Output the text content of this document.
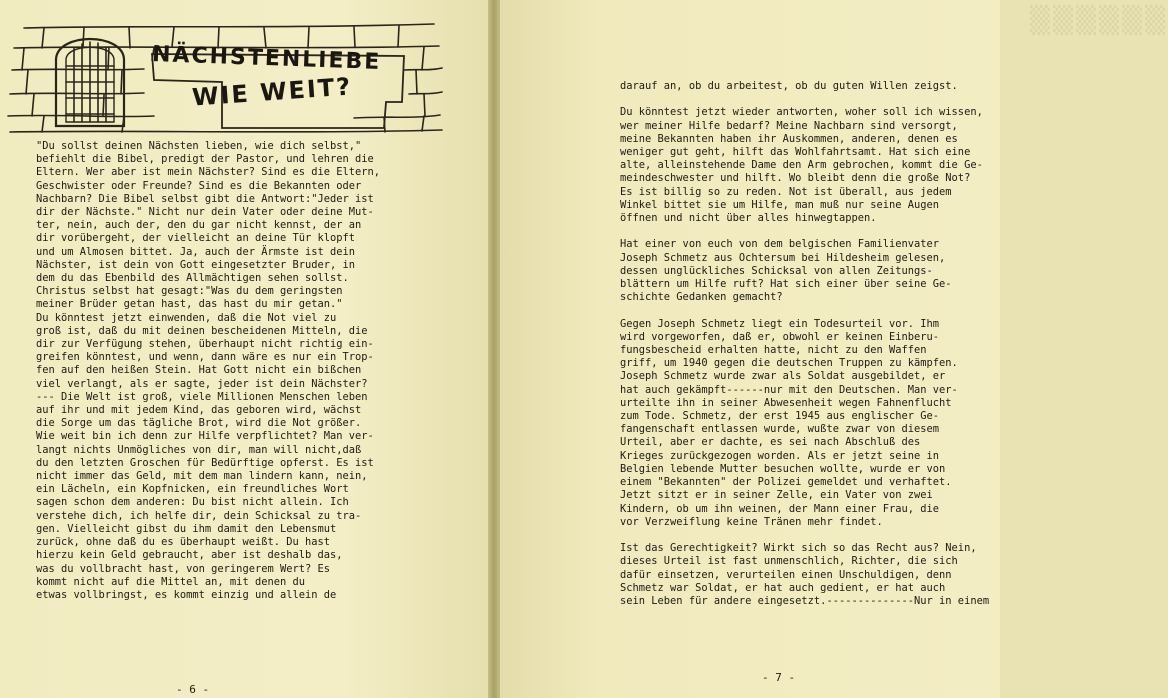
NÄCHSTENLIEBE
WIE WEIT?
"Du sollst deinen Nächsten lieben, wie dich selbst,"
befiehlt die Bibel, predigt der Pastor, und lehren die
Eltern. Wer aber ist mein Nächster? Sind es die Eltern,
Geschwister oder Freunde? Sind es die Bekannten oder
Nachbarn? Die Bibel selbst gibt die Antwort:"Jeder ist
dir der Nächste." Nicht nur dein Vater oder deine Mut-
ter, nein, auch der, den du gar nicht kennst, der an
dir vorübergeht, der vielleicht an deine Tür klopft
und um Almosen bittet. Ja, auch der Ärmste ist dein
Nächster, ist dein von Gott eingesetzter Bruder, in
dem du das Ebenbild des Allmächtigen sehen sollst.
Christus selbst hat gesagt:"Was du dem geringsten
meiner Brüder getan hast, das hast du mir getan."
Du könntest jetzt einwenden, daß die Not viel zu
groß ist, daß du mit deinen bescheidenen Mitteln, die
dir zur Verfügung stehen, überhaupt nicht richtig ein-
greifen könntest, und wenn, dann wäre es nur ein Trop-
fen auf den heißen Stein. Hat Gott nicht ein bißchen
viel verlangt, als er sagte, jeder ist dein Nächster?
--- Die Welt ist groß, viele Millionen Menschen leben
auf ihr und mit jedem Kind, das geboren wird, wächst
die Sorge um das tägliche Brot, wird die Not größer.
Wie weit bin ich denn zur Hilfe verpflichtet? Man ver-
langt nichts Unmögliches von dir, man will nicht,daß
du den letzten Groschen für Bedürftige opferst. Es ist
nicht immer das Geld, mit dem man lindern kann, nein,
ein Lächeln, ein Kopfnicken, ein freundliches Wort
sagen schon dem anderen: Du bist nicht allein. Ich
verstehe dich, ich helfe dir, dein Schicksal zu tra-
gen. Vielleicht gibst du ihm damit den Lebensmut
zurück, ohne daß du es überhaupt weißt. Du hast
hierzu kein Geld gebraucht, aber ist deshalb das,
was du vollbracht hast, von geringerem Wert? Es
kommt nicht auf die Mittel an, mit denen du
etwas vollbringst, es kommt einzig und allein de
- 6 -
▒▒▒▒▒▒
darauf an, ob du arbeitest, ob du guten Willen zeigst.

Du könntest jetzt wieder antworten, woher soll ich wissen,
wer meiner Hilfe bedarf? Meine Nachbarn sind versorgt,
meine Bekannten haben ihr Auskommen, anderen, denen es
weniger gut geht, hilft das Wohlfahrtsamt. Hat sich eine
alte, alleinstehende Dame den Arm gebrochen, kommt die Ge-
meindeschwester und hilft. Wo bleibt denn die große Not?
Es ist billig so zu reden. Not ist überall, aus jedem
Winkel bittet sie um Hilfe, man muß nur seine Augen
öffnen und nicht über alles hinwegtappen.

Hat einer von euch von dem belgischen Familienvater
Joseph Schmetz aus Ochtersum bei Hildesheim gelesen,
dessen unglückliches Schicksal von allen Zeitungs-
blättern um Hilfe ruft? Hat sich einer über seine Ge-
schichte Gedanken gemacht?

Gegen Joseph Schmetz liegt ein Todesurteil vor. Ihm
wird vorgeworfen, daß er, obwohl er keinen Einberu-
fungsbescheid erhalten hatte, nicht zu den Waffen
griff, um 1940 gegen die deutschen Truppen zu kämpfen.
Joseph Schmetz wurde zwar als Soldat ausgebildet, er
hat auch gekämpft------nur mit den Deutschen. Man ver-
urteilte ihn in seiner Abwesenheit wegen Fahnenflucht
zum Tode. Schmetz, der erst 1945 aus englischer Ge-
fangenschaft entlassen wurde, wußte zwar von diesem
Urteil, aber er dachte, es sei nach Abschluß des
Krieges zurückgezogen worden. Als er jetzt seine in
Belgien lebende Mutter besuchen wollte, wurde er von
einem "Bekannten" der Polizei gemeldet und verhaftet.
Jetzt sitzt er in seiner Zelle, ein Vater von zwei
Kindern, ob um ihn weinen, der Mann einer Frau, die
vor Verzweiflung keine Tränen mehr findet.

Ist das Gerechtigkeit? Wirkt sich so das Recht aus? Nein,
dieses Urteil ist fast unmenschlich, Richter, die sich
dafür einsetzen, verurteilen einen Unschuldigen, denn
Schmetz war Soldat, er hat auch gedient, er hat auch
sein Leben für andere eingesetzt.--------------Nur in einem
- 7 -
